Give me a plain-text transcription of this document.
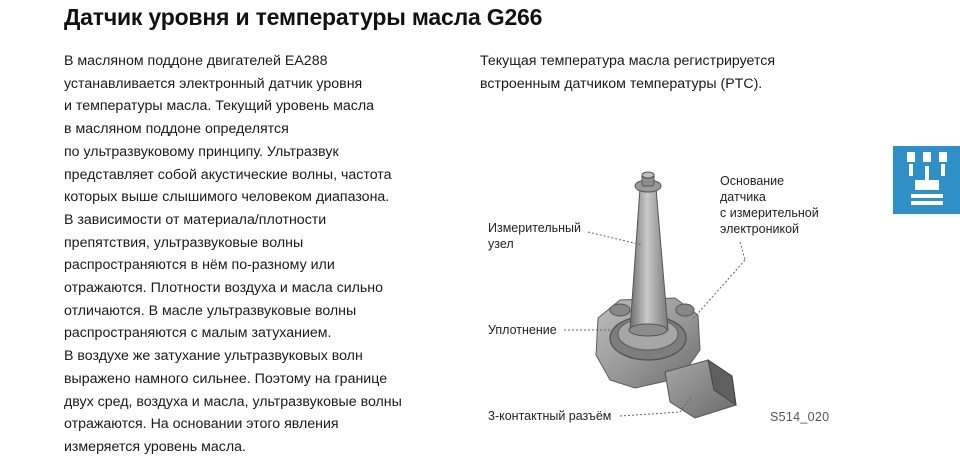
Датчик уровня и температуры масла G266
В масляном поддоне двигателей ЕА288
устанавливается электронный датчик уровня
и температуры масла. Текущий уровень масла
в масляном поддоне определятся
по ультразвуковому принципу. Ультразвук
представляет собой акустические волны, частота
которых выше слышимого человеком диапазона.
В зависимости от материала/плотности
препятствия, ультразвуковые волны
распространяются в нём по-разному или
отражаются. Плотности воздуха и масла сильно
отличаются. В масле ультразвуковые волны
распространяются с малым затуханием.
В воздухе же затухание ультразвуковых волн
выражено намного сильнее. Поэтому на границе
двух сред, воздуха и масла, ультразвуковые волны
отражаются. На основании этого явления
измеряется уровень масла.
Текущая температура масла регистрируется
встроенным датчиком температуры (PTC).
Измерительный
узел
Основание
датчика
с измерительной
электроникой
Уплотнение
3-контактный разъём	S514_020
